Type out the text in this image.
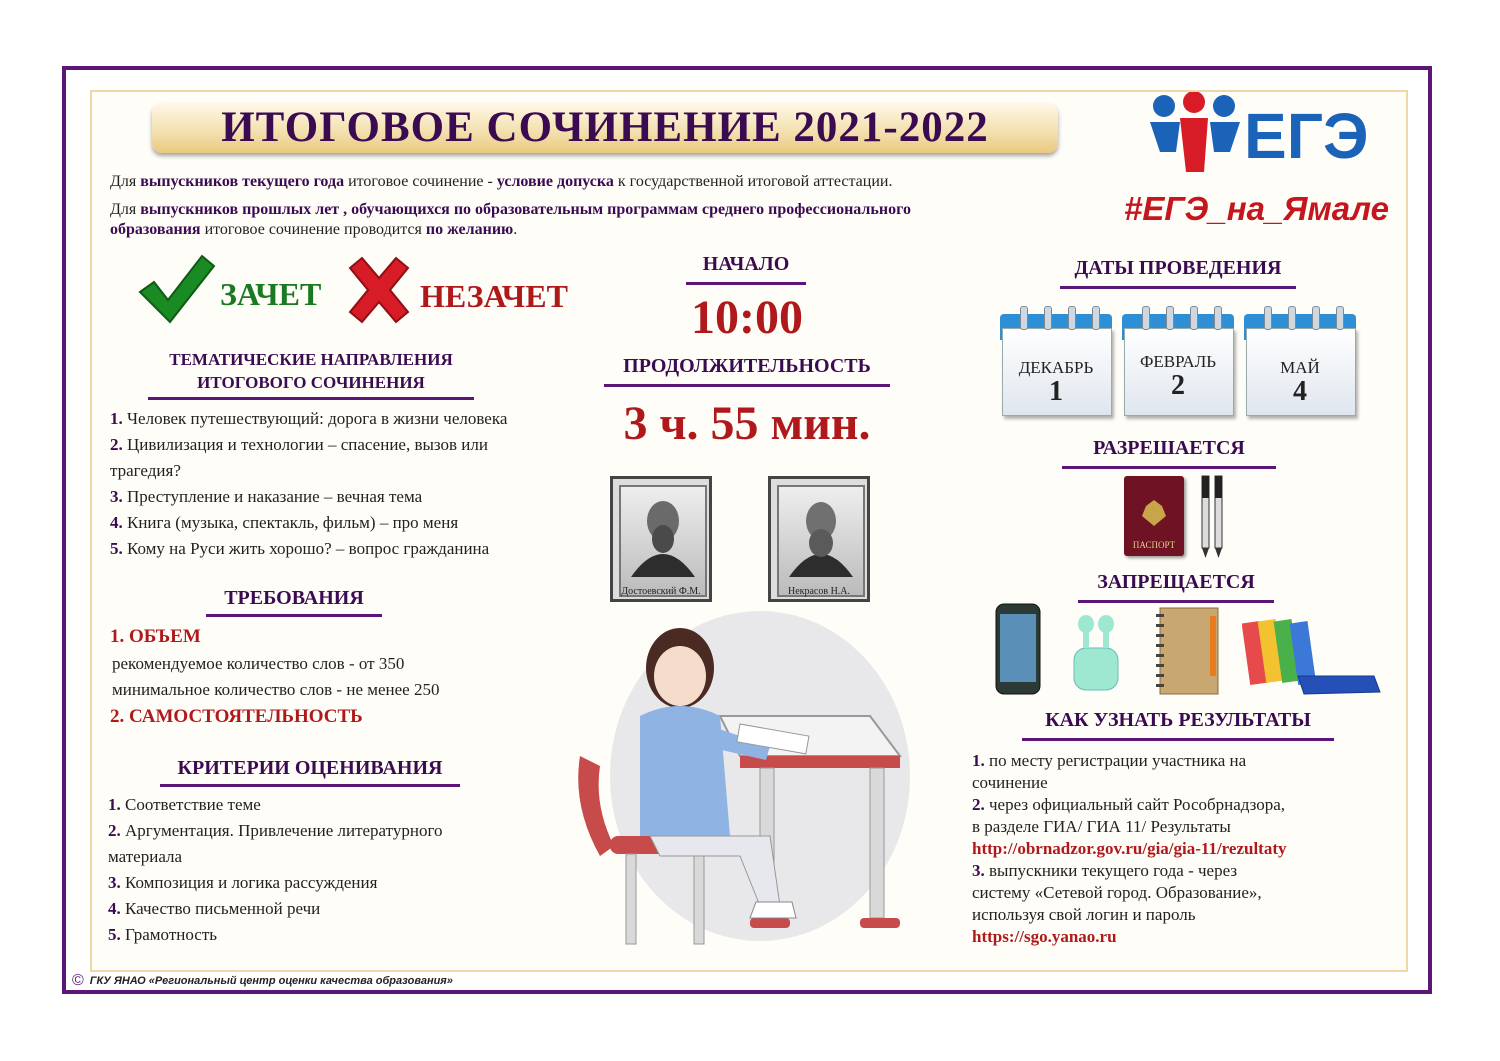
ИТОГОВОЕ СОЧИНЕНИЕ 2021-2022	ЕГЭ
#ЕГЭ_на_Ямале
Для выпускников текущего года итоговое сочинение - условие допуска к государственной итоговой аттестации.
Для выпускников прошлых лет , обучающихся по образовательным программам среднего профессионального
образования итоговое сочинение проводится по желанию.
ЗАЧЕТ	НЕЗАЧЕТ
ТЕМАТИЧЕСКИЕ НАПРАВЛЕНИЯ
ИТОГОВОГО СОЧИНЕНИЯ
1. Человек путешествующий: дорога в жизни человека
2. Цивилизация и технологии – спасение, вызов или
трагедия?
3. Преступление и наказание – вечная тема
4. Книга (музыка, спектакль, фильм) – про меня
5. Кому на Руси жить хорошо? – вопрос гражданина
ТРЕБОВАНИЯ
1. ОБЪЕМ
рекомендуемое количество слов - от 350
минимальное количество слов - не менее 250
2. САМОСТОЯТЕЛЬНОСТЬ
КРИТЕРИИ ОЦЕНИВАНИЯ
1. Соответствие теме
2. Аргументация. Привлечение литературного
материала
3. Композиция и логика рассуждения
4. Качество письменной речи
5. Грамотность
НАЧАЛО
10:00
ПРОДОЛЖИТЕЛЬНОСТЬ
3 ч. 55 мин.
Достоевский Ф.М.	Некрасов Н.А.
ДАТЫ ПРОВЕДЕНИЯ
ДЕКАБРЬ
1
ФЕВРАЛЬ
2
МАЙ
4
РАЗРЕШАЕТСЯ
ПАСПОРТ
ЗАПРЕЩАЕТСЯ
КАК УЗНАТЬ РЕЗУЛЬТАТЫ
1. по месту регистрации участника на
сочинение
2. через официальный сайт Рособрнадзора,
в разделе ГИА/ ГИА 11/ Результаты
http://obrnadzor.gov.ru/gia/gia-11/rezultaty
3. выпускники текущего года - через
систему «Сетевой город. Образование»,
используя свой логин и пароль
https://sgo.yanao.ru
© ГКУ ЯНАО «Региональный центр оценки качества образования»
